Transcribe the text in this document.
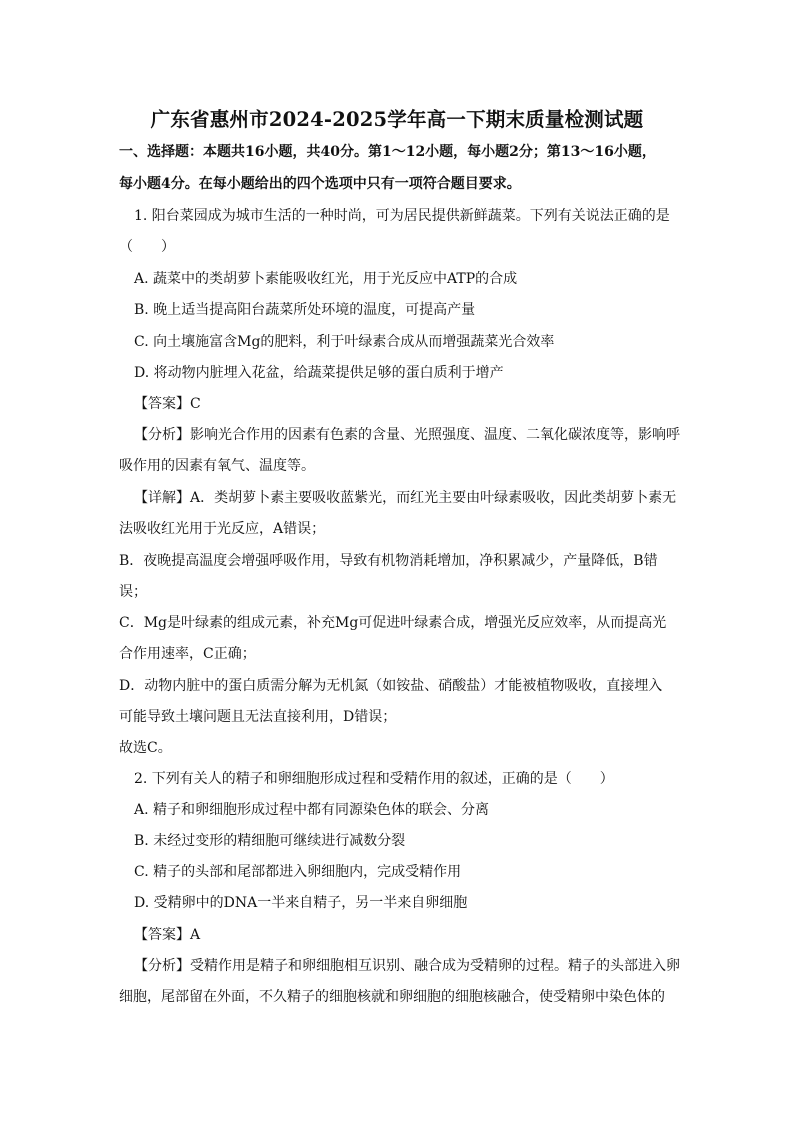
广东省惠州市2024-2025学年高一下期末质量检测试题
一、选择题：本题共16小题，共40分。第1～12小题，每小题2分；第13～16小题，
每小题4分。在每小题给出的四个选项中只有一项符合题目要求。
1. 阳台菜园成为城市生活的一种时尚，可为居民提供新鲜蔬菜。下列有关说法正确的是
（　　）
A. 蔬菜中的类胡萝卜素能吸收红光，用于光反应中ATP的合成
B. 晚上适当提高阳台蔬菜所处环境的温度，可提高产量
C. 向土壤施富含Mg的肥料，利于叶绿素合成从而增强蔬菜光合效率
D. 将动物内脏埋入花盆，给蔬菜提供足够的蛋白质利于增产
【答案】C
【分析】影响光合作用的因素有色素的含量、光照强度、温度、二氧化碳浓度等，影响呼
吸作用的因素有氧气、温度等。
【详解】A．类胡萝卜素主要吸收蓝紫光，而红光主要由叶绿素吸收，因此类胡萝卜素无
法吸收红光用于光反应，A错误；
B．夜晚提高温度会增强呼吸作用，导致有机物消耗增加，净积累减少，产量降低，B错
误；
C．Mg是叶绿素的组成元素，补充Mg可促进叶绿素合成，增强光反应效率，从而提高光
合作用速率，C正确；
D．动物内脏中的蛋白质需分解为无机氮（如铵盐、硝酸盐）才能被植物吸收，直接埋入
可能导致土壤问题且无法直接利用，D错误；
故选C。
2. 下列有关人的精子和卵细胞形成过程和受精作用的叙述，正确的是（　　）
A. 精子和卵细胞形成过程中都有同源染色体的联会、分离
B. 未经过变形的精细胞可继续进行减数分裂
C. 精子的头部和尾部都进入卵细胞内，完成受精作用
D. 受精卵中的DNA一半来自精子，另一半来自卵细胞
【答案】A
【分析】受精作用是精子和卵细胞相互识别、融合成为受精卵的过程。精子的头部进入卵
细胞，尾部留在外面，不久精子的细胞核就和卵细胞的细胞核融合，使受精卵中染色体的
